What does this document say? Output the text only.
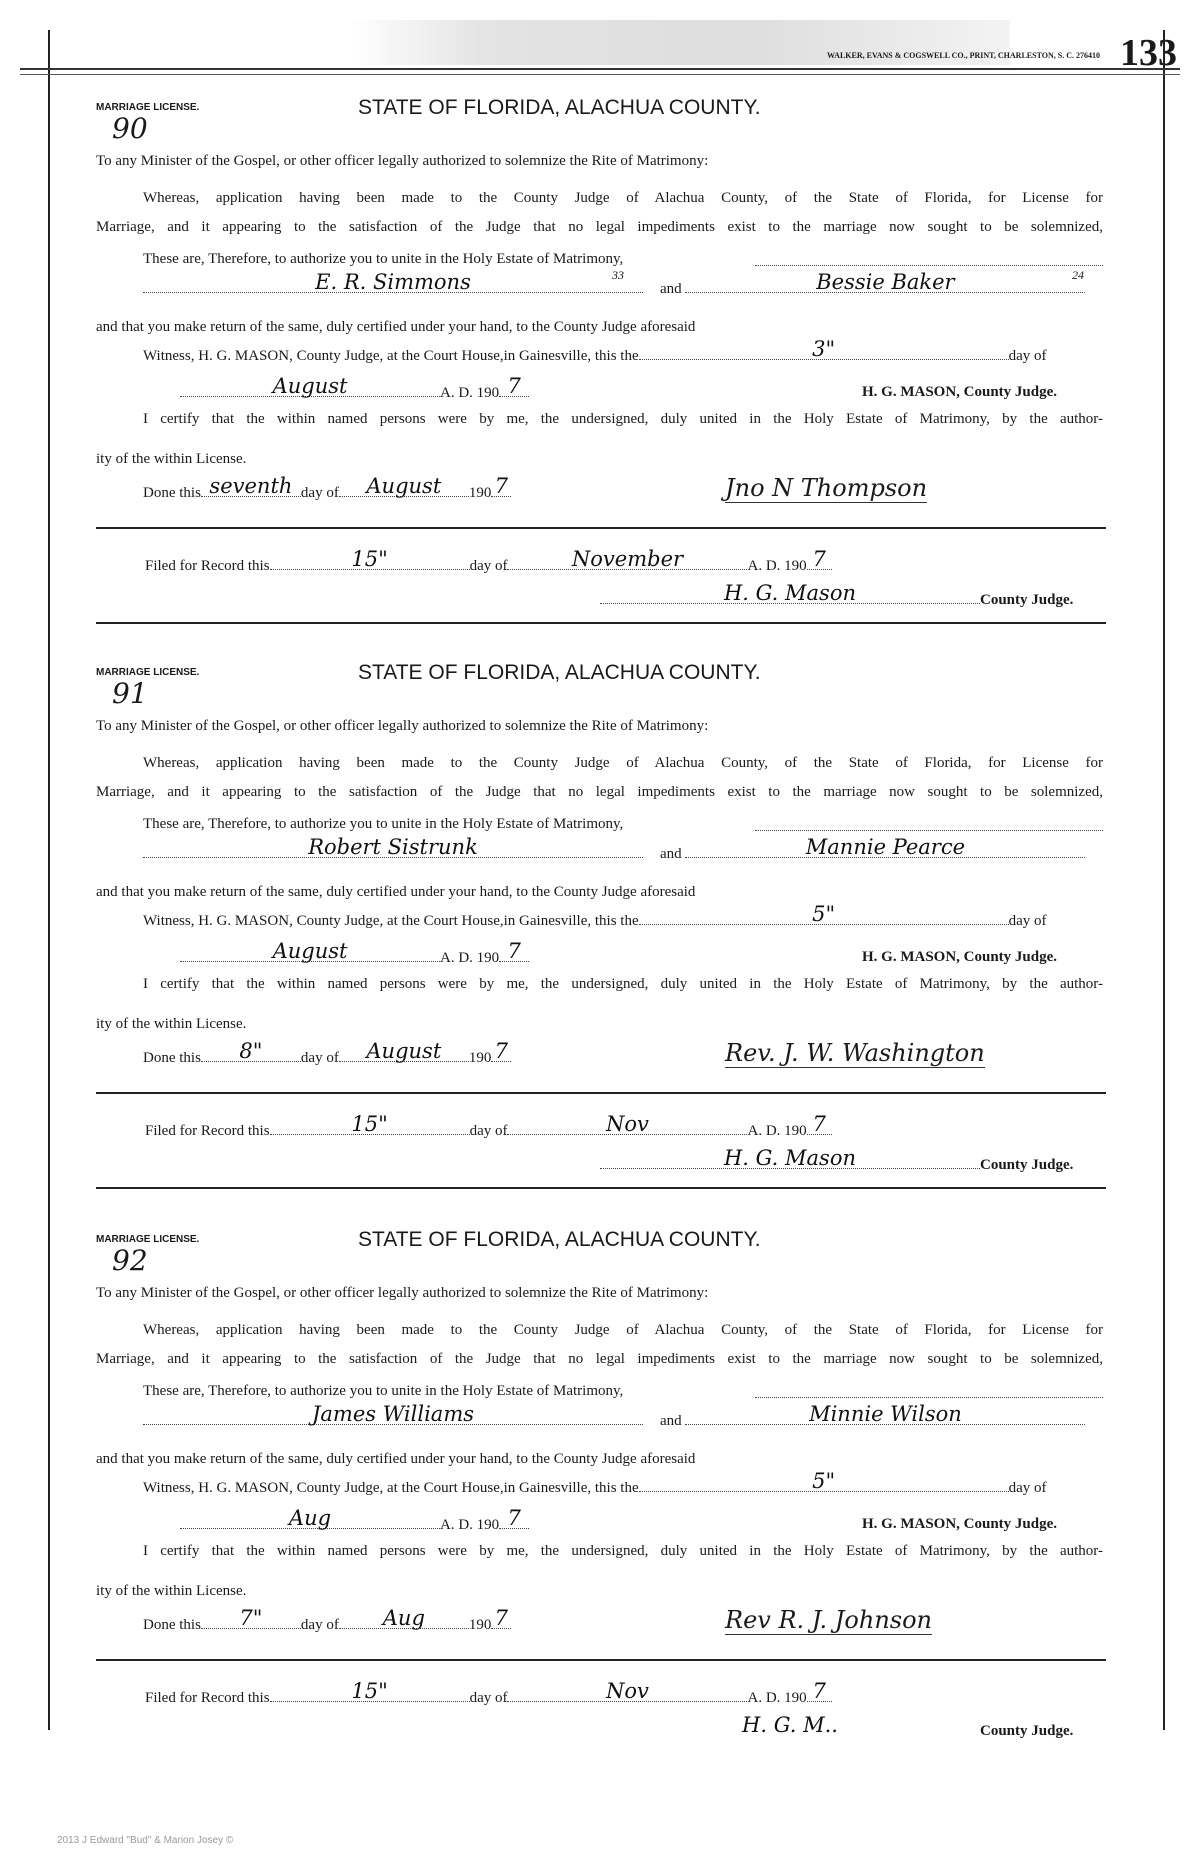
WALKER, EVANS & COGSWELL CO., PRINT, CHARLESTON, S. C. 276410 133
MARRIAGE LICENSE.
90
STATE OF FLORIDA, ALACHUA COUNTY.
To any Minister of the Gospel, or other officer legally authorized to solemnize the Rite of Matrimony:
Whereas, application having been made to the County Judge of Alachua County, of the State of Florida, for License for
Marriage, and it appearing to the satisfaction of the Judge that no legal impediments exist to the marriage now sought to be solemnized,
These are, Therefore, to authorize you to unite in the Holy Estate of Matrimony,
E. R. Simmons	33
and	Bessie Baker	24
and that you make return of the same, duly certified under your hand, to the County Judge aforesaid
Witness, H. G. MASON, County Judge, at the Court House,in Gainesville, this the	3"	day of
August	A. D. 190 7	H. G. MASON, County Judge.
I certify that the within named persons were by me, the undersigned, duly united in the Holy Estate of Matrimony, by the author-
ity of the within License.
Done this seventh day of	August	190 7	Jno N Thompson
Filed for Record this	15"	day of	November	A. D. 190 7
H. G. Mason	County Judge.
MARRIAGE LICENSE.
91
STATE OF FLORIDA, ALACHUA COUNTY.
To any Minister of the Gospel, or other officer legally authorized to solemnize the Rite of Matrimony:
Whereas, application having been made to the County Judge of Alachua County, of the State of Florida, for License for
Marriage, and it appearing to the satisfaction of the Judge that no legal impediments exist to the marriage now sought to be solemnized,
These are, Therefore, to authorize you to unite in the Holy Estate of Matrimony,
Robert Sistrunk	and	Mannie Pearce
and that you make return of the same, duly certified under your hand, to the County Judge aforesaid
Witness, H. G. MASON, County Judge, at the Court House,in Gainesville, this the	5"	day of
August	A. D. 190 7	H. G. MASON, County Judge.
I certify that the within named persons were by me, the undersigned, duly united in the Holy Estate of Matrimony, by the author-
ity of the within License.
Done this	8"	day of	August	190 7	Rev. J. W. Washington
Filed for Record this	15"	day of	Nov	A. D. 190 7
H. G. Mason	County Judge.
MARRIAGE LICENSE.
92
STATE OF FLORIDA, ALACHUA COUNTY.
To any Minister of the Gospel, or other officer legally authorized to solemnize the Rite of Matrimony:
Whereas, application having been made to the County Judge of Alachua County, of the State of Florida, for License for
Marriage, and it appearing to the satisfaction of the Judge that no legal impediments exist to the marriage now sought to be solemnized,
These are, Therefore, to authorize you to unite in the Holy Estate of Matrimony,
James Williams	and	Minnie Wilson
and that you make return of the same, duly certified under your hand, to the County Judge aforesaid
Witness, H. G. MASON, County Judge, at the Court House,in Gainesville, this the	5"	day of
Aug	A. D. 190 7	H. G. MASON, County Judge.
I certify that the within named persons were by me, the undersigned, duly united in the Holy Estate of Matrimony, by the author-
ity of the within License.
Done this	7"	day of	Aug	190 7	Rev R. J. Johnson
Filed for Record this	15"	day of	Nov	A. D. 190 7
H. G. M..	County Judge.
2013 J Edward "Bud" & Marion Josey ©
